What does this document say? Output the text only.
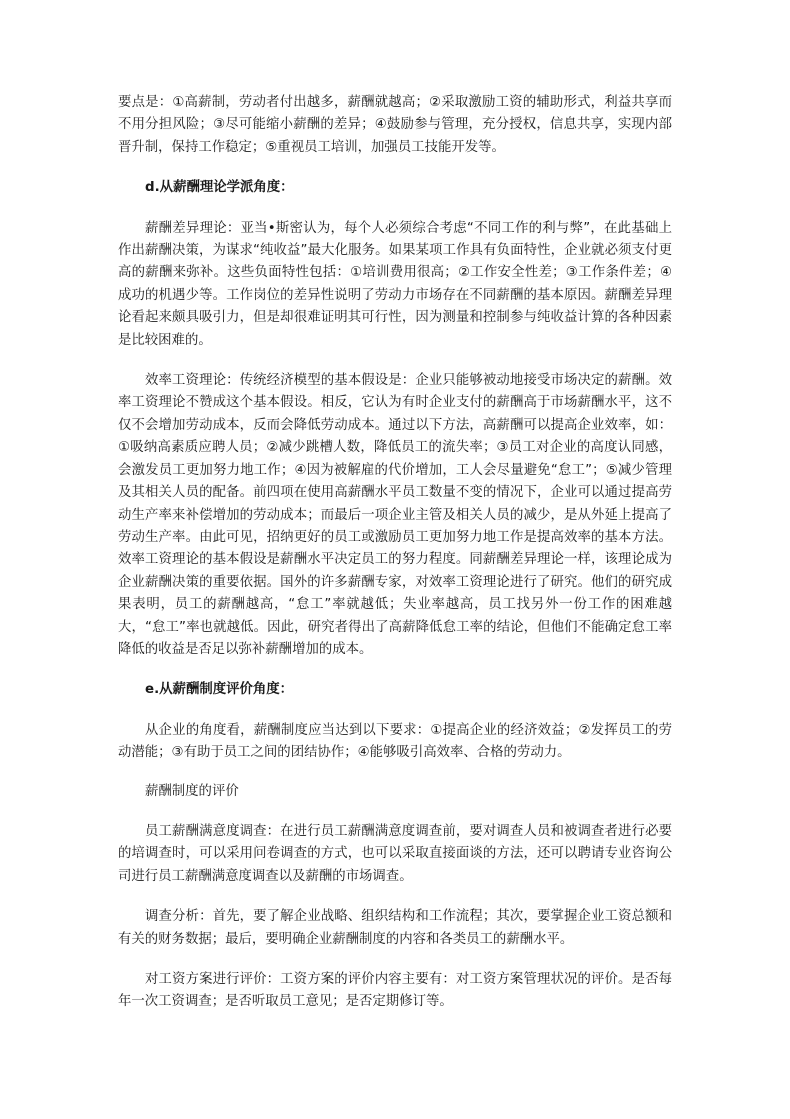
要点是：①高薪制，劳动者付出越多，薪酬就越高；②采取激励工资的辅助形式，利益共享而不用分担风险；③尽可能缩小薪酬的差异；④鼓励参与管理，充分授权，信息共享，实现内部晋升制，保持工作稳定；⑤重视员工培训，加强员工技能开发等。

d.从薪酬理论学派角度：

薪酬差异理论：亚当•斯密认为，每个人必须综合考虑“不同工作的利与弊”，在此基础上作出薪酬决策，为谋求“纯收益”最大化服务。如果某项工作具有负面特性，企业就必须支付更高的薪酬来弥补。这些负面特性包括：①培训费用很高；②工作安全性差；③工作条件差；④成功的机遇少等。工作岗位的差异性说明了劳动力市场存在不同薪酬的基本原因。薪酬差异理论看起来颇具吸引力，但是却很难证明其可行性，因为测量和控制参与纯收益计算的各种因素是比较困难的。

效率工资理论：传统经济模型的基本假设是：企业只能够被动地接受市场决定的薪酬。效率工资理论不赞成这个基本假设。相反，它认为有时企业支付的薪酬高于市场薪酬水平，这不仅不会增加劳动成本，反而会降低劳动成本。通过以下方法，高薪酬可以提高企业效率，如：①吸纳高素质应聘人员；②减少跳槽人数，降低员工的流失率；③员工对企业的高度认同感，会激发员工更加努力地工作；④因为被解雇的代价增加，工人会尽量避免“怠工”；⑤减少管理及其相关人员的配备。前四项在使用高薪酬水平员工数量不变的情况下，企业可以通过提高劳动生产率来补偿增加的劳动成本；而最后一项企业主管及相关人员的减少，是从外延上提高了劳动生产率。由此可见，招纳更好的员工或激励员工更加努力地工作是提高效率的基本方法。效率工资理论的基本假设是薪酬水平决定员工的努力程度。同薪酬差异理论一样，该理论成为企业薪酬决策的重要依据。国外的许多薪酬专家，对效率工资理论进行了研究。他们的研究成果表明，员工的薪酬越高，“怠工”率就越低；失业率越高，员工找另外一份工作的困难越大，“怠工”率也就越低。因此，研究者得出了高薪降低怠工率的结论，但他们不能确定怠工率降低的收益是否足以弥补薪酬增加的成本。

e.从薪酬制度评价角度：

从企业的角度看，薪酬制度应当达到以下要求：①提高企业的经济效益；②发挥员工的劳动潜能；③有助于员工之间的团结协作；④能够吸引高效率、合格的劳动力。

薪酬制度的评价

员工薪酬满意度调查：在进行员工薪酬满意度调查前，要对调查人员和被调查者进行必要的培调查时，可以采用问卷调查的方式，也可以采取直接面谈的方法，还可以聘请专业咨询公司进行员工薪酬满意度调查以及薪酬的市场调查。

调查分析：首先，要了解企业战略、组织结构和工作流程；其次，要掌握企业工资总额和有关的财务数据；最后，要明确企业薪酬制度的内容和各类员工的薪酬水平。

对工资方案进行评价：工资方案的评价内容主要有：对工资方案管理状况的评价。是否每年一次工资调查；是否听取员工意见；是否定期修订等。
